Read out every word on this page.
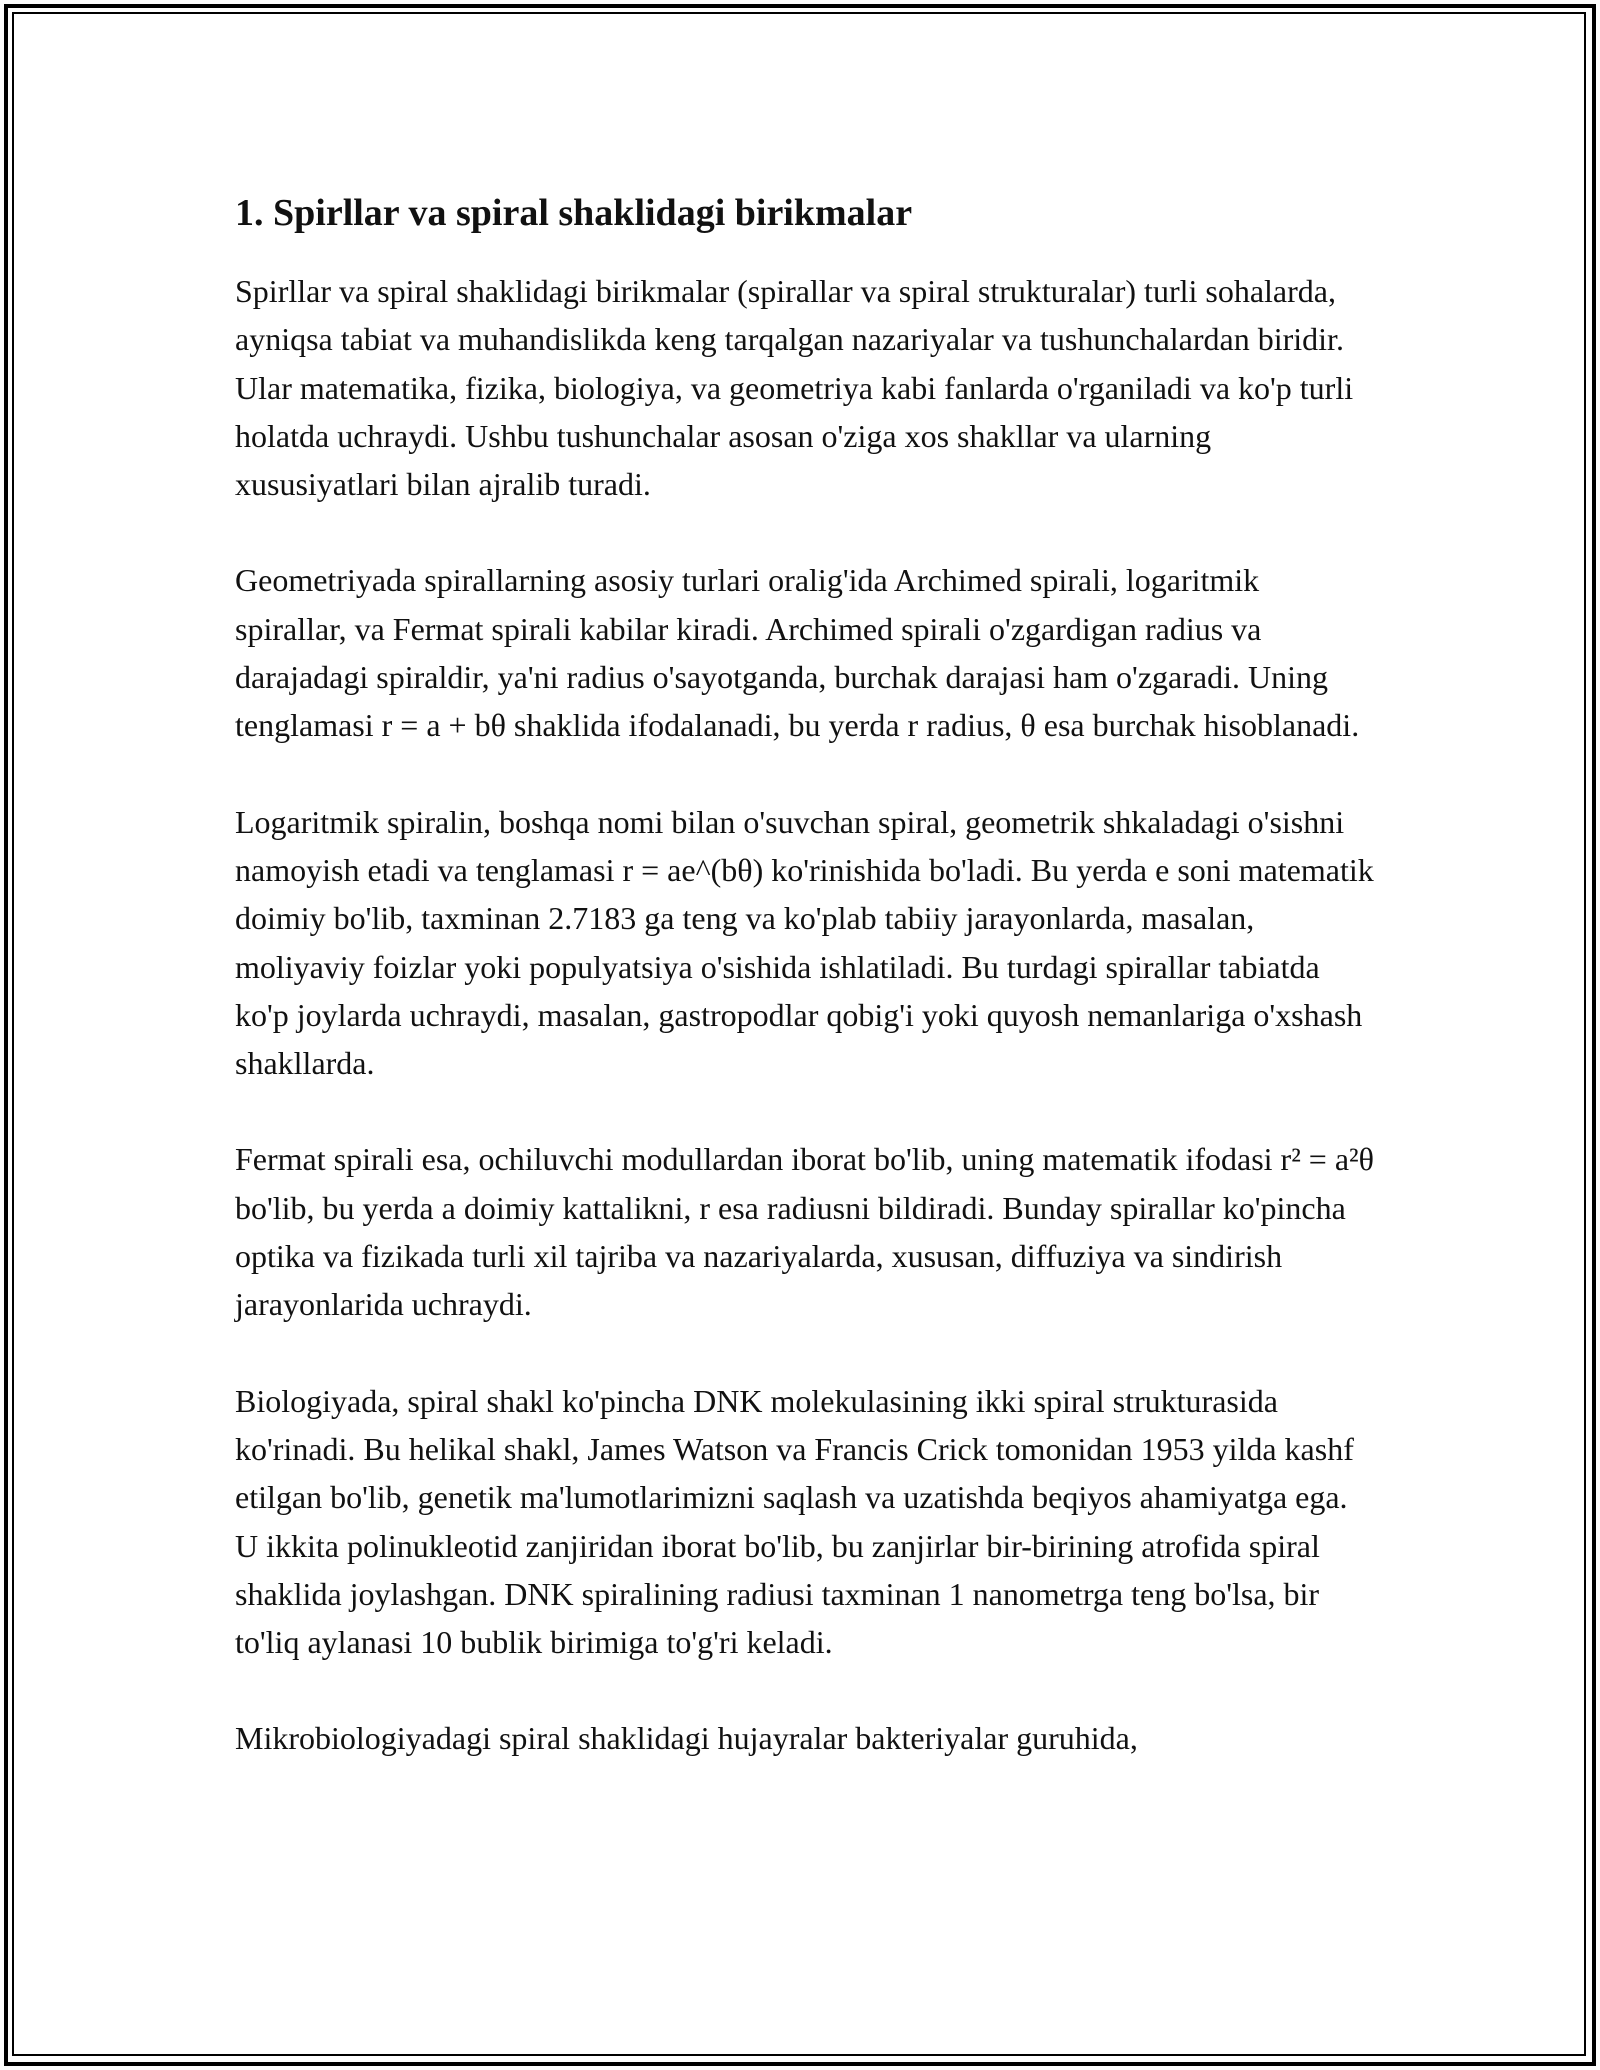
1. Spirllar va spiral shaklidagi birikmalar

Spirllar va spiral shaklidagi birikmalar (spirallar va spiral strukturalar) turli sohalarda, ayniqsa tabiat va muhandislikda keng tarqalgan nazariyalar va tushunchalardan biridir. Ular matematika, fizika, biologiya, va geometriya kabi fanlarda o'rganiladi va ko'p turli holatda uchraydi. Ushbu tushunchalar asosan o'ziga xos shakllar va ularning xususiyatlari bilan ajralib turadi.

Geometriyada spirallarning asosiy turlari oralig'ida Archimed spirali, logaritmik spirallar, va Fermat spirali kabilar kiradi. Archimed spirali o'zgardigan radius va darajadagi spiraldir, ya'ni radius o'sayotganda, burchak darajasi ham o'zgaradi. Uning tenglamasi r = a + bθ shaklida ifodalanadi, bu yerda r radius, θ esa burchak hisoblanadi.

Logaritmik spiralin, boshqa nomi bilan o'suvchan spiral, geometrik shkaladagi o'sishni namoyish etadi va tenglamasi r = ae^(bθ) ko'rinishida bo'ladi. Bu yerda e soni matematik doimiy bo'lib, taxminan 2.7183 ga teng va ko'plab tabiiy jarayonlarda, masalan, moliyaviy foizlar yoki populyatsiya o'sishida ishlatiladi. Bu turdagi spirallar tabiatda ko'p joylarda uchraydi, masalan, gastropodlar qobig'i yoki quyosh nemanlariga o'xshash shakllarda.

Fermat spirali esa, ochiluvchi modullardan iborat bo'lib, uning matematik ifodasi r² = a²θ bo'lib, bu yerda a doimiy kattalikni, r esa radiusni bildiradi. Bunday spirallar ko'pincha optika va fizikada turli xil tajriba va nazariyalarda, xususan, diffuziya va sindirish jarayonlarida uchraydi.

Biologiyada, spiral shakl ko'pincha DNK molekulasining ikki spiral strukturasida ko'rinadi. Bu helikal shakl, James Watson va Francis Crick tomonidan 1953 yilda kashf etilgan bo'lib, genetik ma'lumotlarimizni saqlash va uzatishda beqiyos ahamiyatga ega. U ikkita polinukleotid zanjiridan iborat bo'lib, bu zanjirlar bir-birining atrofida spiral shaklida joylashgan. DNK spiralining radiusi taxminan 1 nanometrga teng bo'lsa, bir to'liq aylanasi 10 bublik birimiga to'g'ri keladi.

Mikrobiologiyadagi spiral shaklidagi hujayralar bakteriyalar guruhida,
